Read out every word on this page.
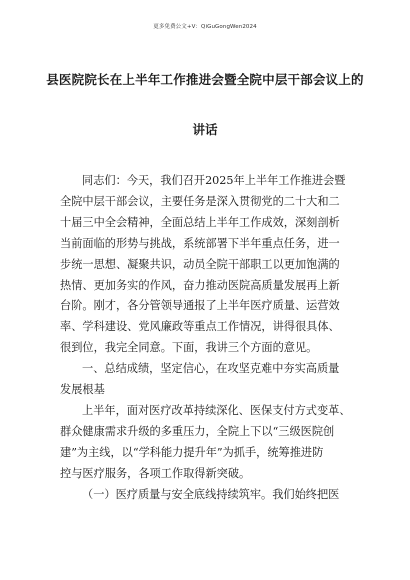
更多免费公文+V：QiGuGongWen2024
县医院院长在上半年工作推进会暨全院中层干部会议上的
讲话
同志们：今天，我们召开2025年上半年工作推进会暨
全院中层干部会议，主要任务是深入贯彻党的二十大和二
十届三中全会精神，全面总结上半年工作成效，深刻剖析
当前面临的形势与挑战，系统部署下半年重点任务，进一
步统一思想、凝聚共识，动员全院干部职工以更加饱满的
热情、更加务实的作风，奋力推动医院高质量发展再上新
台阶。刚才，各分管领导通报了上半年医疗质量、运营效
率、学科建设、党风廉政等重点工作情况，讲得很具体、
很到位，我完全同意。下面，我讲三个方面的意见。
一、总结成绩，坚定信心，在攻坚克难中夯实高质量
发展根基
上半年，面对医疗改革持续深化、医保支付方式变革、
群众健康需求升级的多重压力，全院上下以“三级医院创
建”为主线，以“学科能力提升年”为抓手，统筹推进防
控与医疗服务，各项工作取得新突破。
（一）医疗质量与安全底线持续筑牢。我们始终把医
